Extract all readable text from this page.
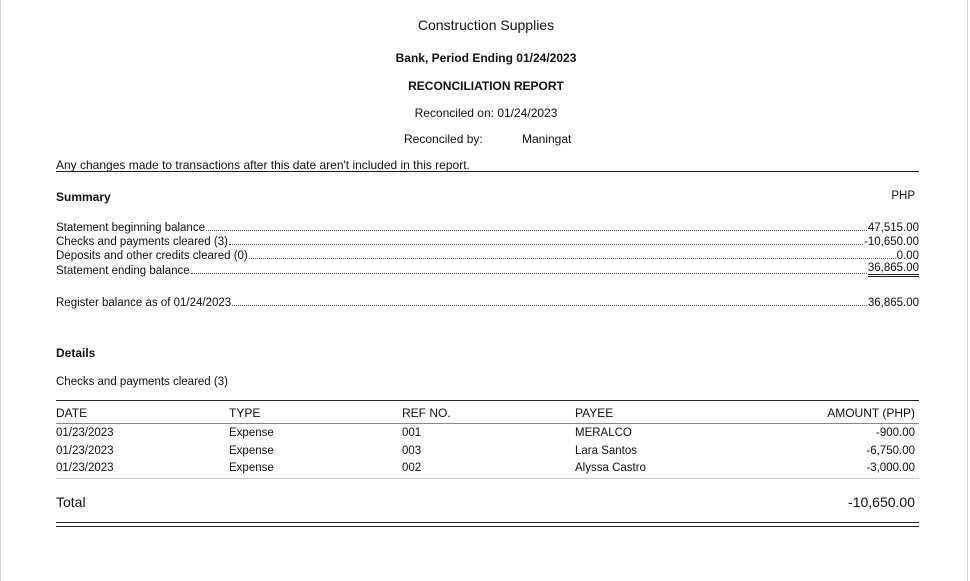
Construction Supplies
Bank, Period Ending 01/24/2023
RECONCILIATION REPORT
Reconciled on: 01/24/2023
Reconciled by:	Maningat
Any changes made to transactions after this date aren't included in this report.
Summary	PHP
Statement beginning balance	47,515.00
Checks and payments cleared (3)	-10,650.00
Deposits and other credits cleared (0)	0.00
Statement ending balance	36,865.00
Register balance as of 01/24/2023	36,865.00
Details
Checks and payments cleared (3)
DATE	TYPE	REF NO.	PAYEE	AMOUNT (PHP)
01/23/2023	Expense	001	MERALCO	-900.00
01/23/2023	Expense	003	Lara Santos	-6,750.00
01/23/2023	Expense	002	Alyssa Castro	-3,000.00
Total	-10,650.00
